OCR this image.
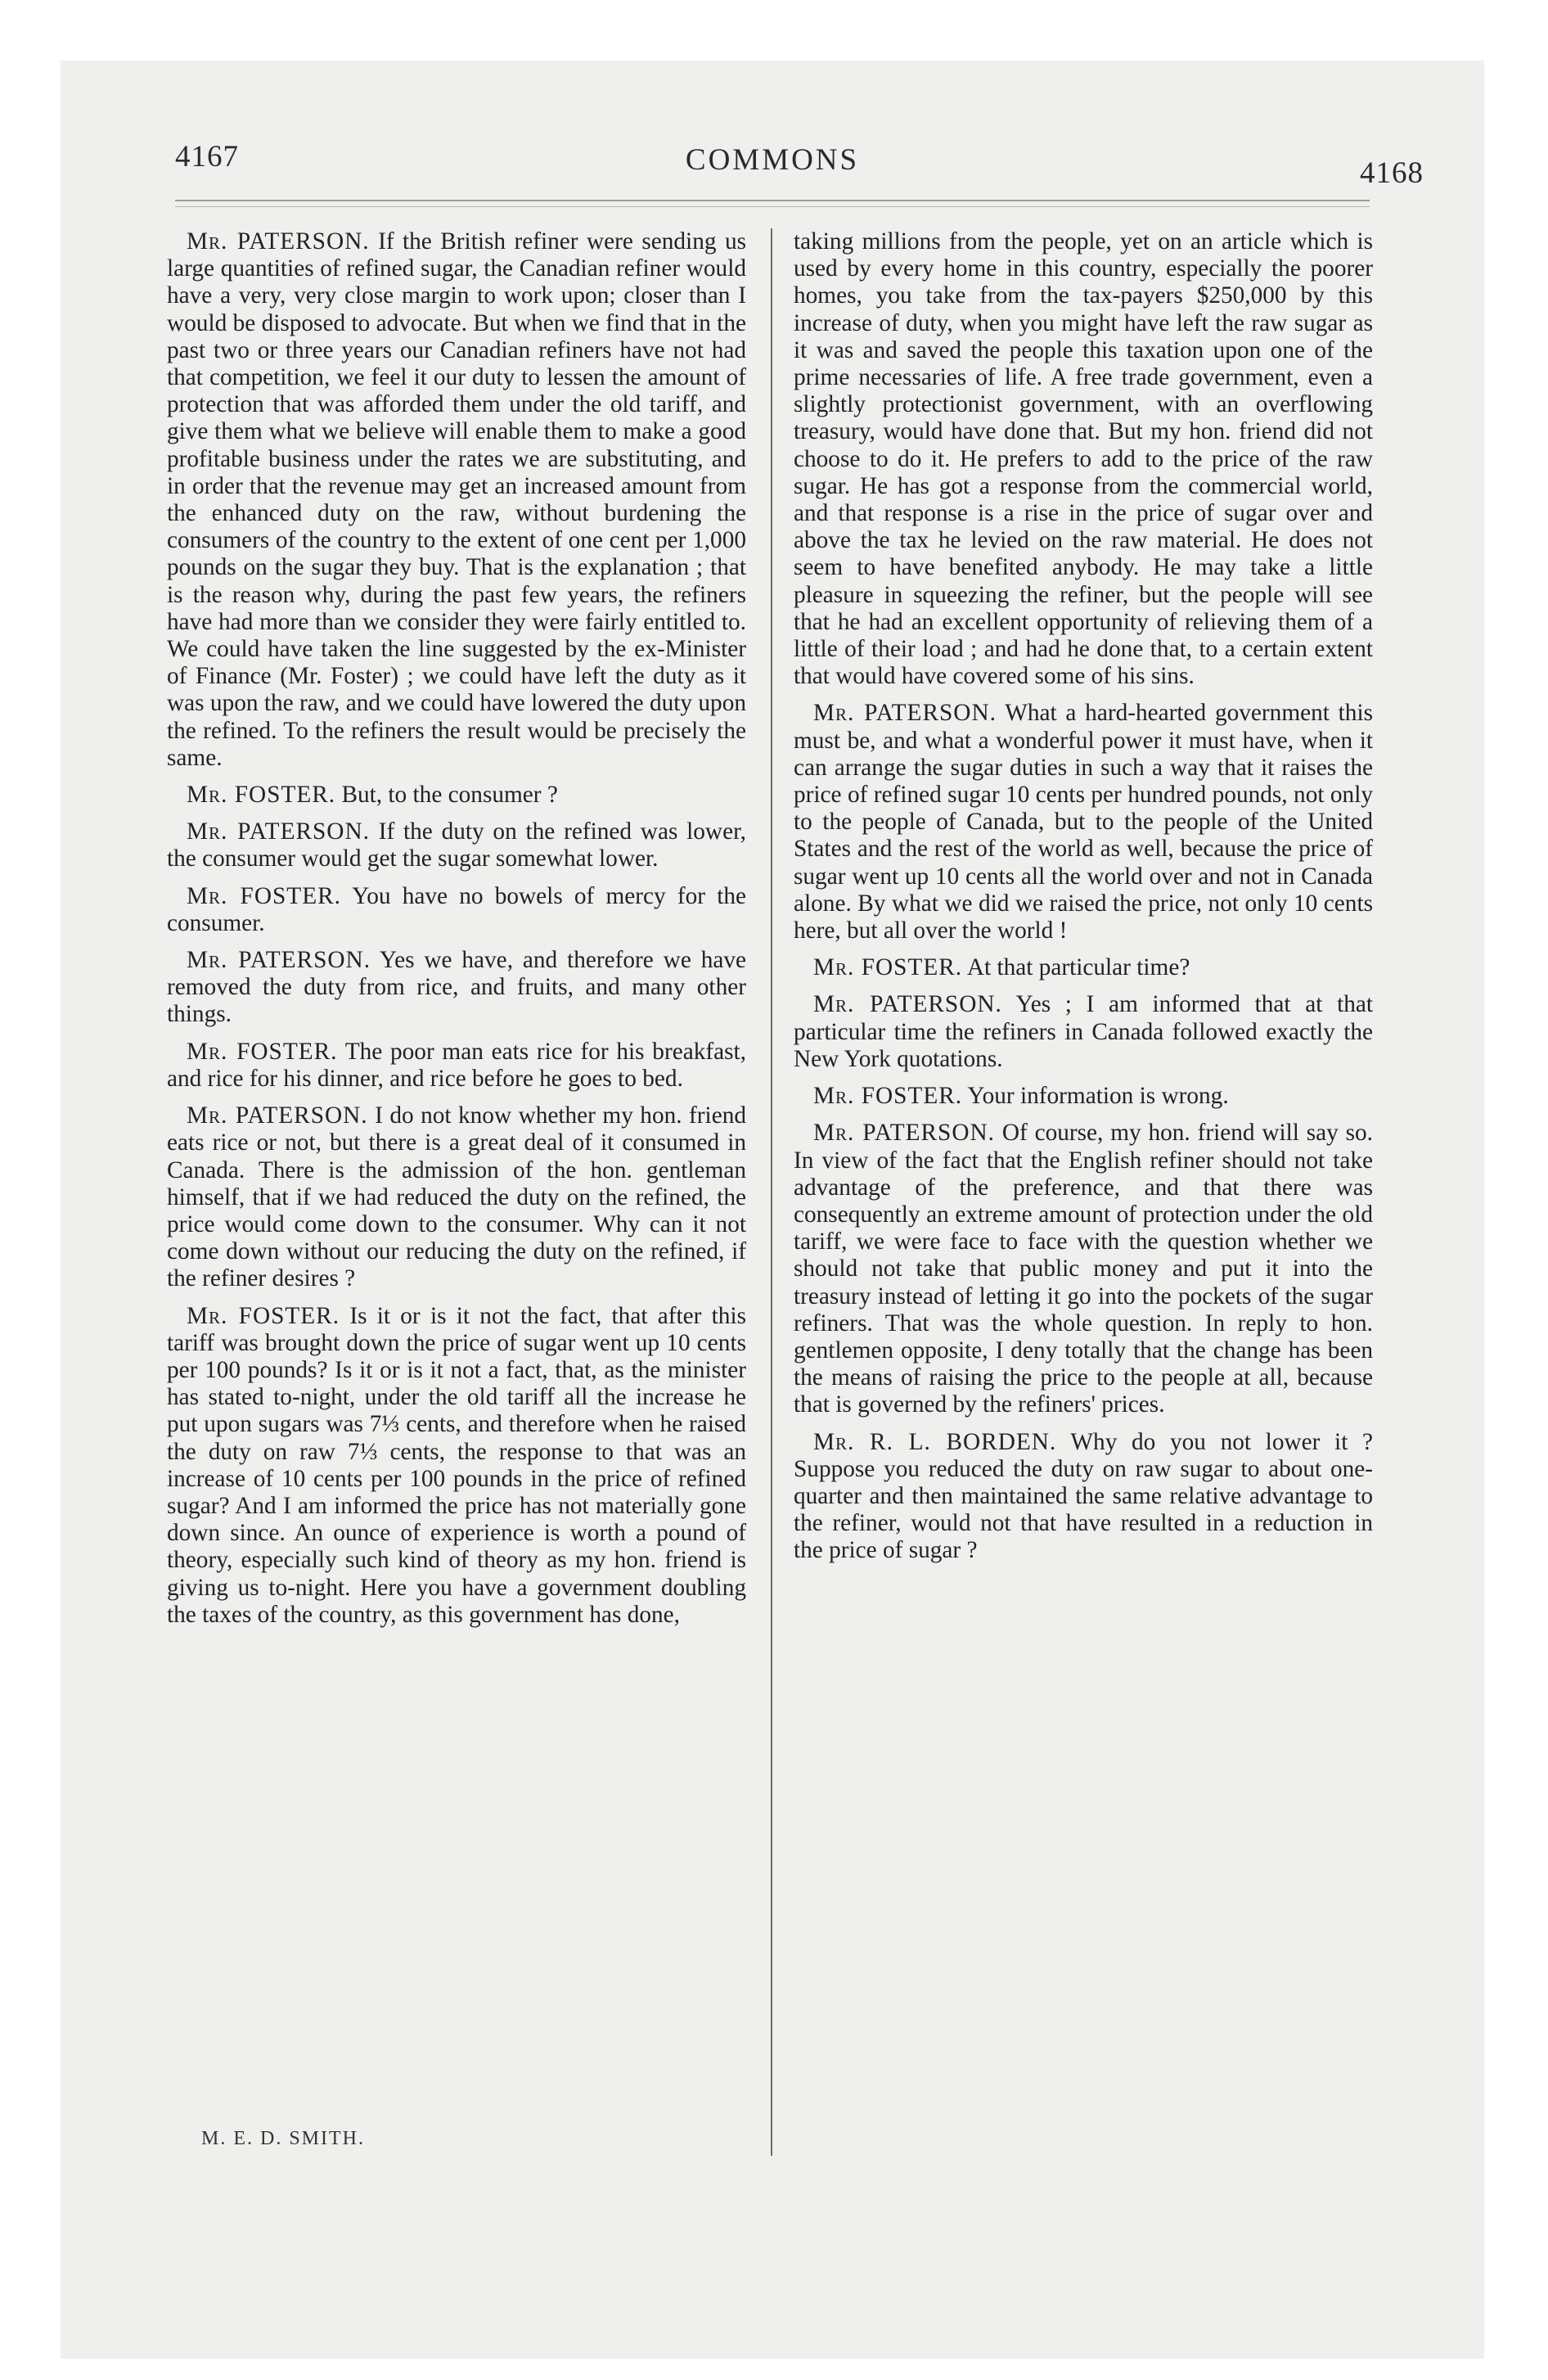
4167	COMMONS	4168

Mr. PATERSON. If the British refiner were sending us large quantities of refined sugar, the Canadian refiner would have a very, very close margin to work upon; closer than I would be disposed to advocate. But when we find that in the past two or three years our Canadian refiners have not had that competition, we feel it our duty to lessen the amount of protection that was afforded them under the old tariff, and give them what we believe will enable them to make a good profitable business under the rates we are substituting, and in order that the revenue may get an increased amount from the enhanced duty on the raw, without burdening the consumers of the country to the extent of one cent per 1,000 pounds on the sugar they buy. That is the explanation ; that is the reason why, during the past few years, the refiners have had more than we consider they were fairly entitled to. We could have taken the line suggested by the ex-Minister of Finance (Mr. Foster) ; we could have left the duty as it was upon the raw, and we could have lowered the duty upon the refined. To the refiners the result would be precisely the same.

Mr. FOSTER. But, to the consumer ?

Mr. PATERSON. If the duty on the refined was lower, the consumer would get the sugar somewhat lower.

Mr. FOSTER. You have no bowels of mercy for the consumer.

Mr. PATERSON. Yes we have, and therefore we have removed the duty from rice, and fruits, and many other things.

Mr. FOSTER. The poor man eats rice for his breakfast, and rice for his dinner, and rice before he goes to bed.

Mr. PATERSON. I do not know whether my hon. friend eats rice or not, but there is a great deal of it consumed in Canada. There is the admission of the hon. gentleman himself, that if we had reduced the duty on the refined, the price would come down to the consumer. Why can it not come down without our reducing the duty on the refined, if the refiner desires ?

Mr. FOSTER. Is it or is it not the fact, that after this tariff was brought down the price of sugar went up 10 cents per 100 pounds? Is it or is it not a fact, that, as the minister has stated to-night, under the old tariff all the increase he put upon sugars was 7⅓ cents, and therefore when he raised the duty on raw 7⅓ cents, the response to that was an increase of 10 cents per 100 pounds in the price of refined sugar? And I am informed the price has not materially gone down since. An ounce of experience is worth a pound of theory, especially such kind of theory as my hon. friend is giving us to-night. Here you have a government doubling the taxes of the country, as this government has done,

taking millions from the people, yet on an article which is used by every home in this country, especially the poorer homes, you take from the tax-payers $250,000 by this increase of duty, when you might have left the raw sugar as it was and saved the people this taxation upon one of the prime necessaries of life. A free trade government, even a slightly protectionist government, with an overflowing treasury, would have done that. But my hon. friend did not choose to do it. He prefers to add to the price of the raw sugar. He has got a response from the commercial world, and that response is a rise in the price of sugar over and above the tax he levied on the raw material. He does not seem to have benefited anybody. He may take a little pleasure in squeezing the refiner, but the people will see that he had an excellent opportunity of relieving them of a little of their load ; and had he done that, to a certain extent that would have covered some of his sins.

Mr. PATERSON. What a hard-hearted government this must be, and what a wonderful power it must have, when it can arrange the sugar duties in such a way that it raises the price of refined sugar 10 cents per hundred pounds, not only to the people of Canada, but to the people of the United States and the rest of the world as well, because the price of sugar went up 10 cents all the world over and not in Canada alone. By what we did we raised the price, not only 10 cents here, but all over the world !

Mr. FOSTER. At that particular time?

Mr. PATERSON. Yes ; I am informed that at that particular time the refiners in Canada followed exactly the New York quotations.

Mr. FOSTER. Your information is wrong.

Mr. PATERSON. Of course, my hon. friend will say so. In view of the fact that the English refiner should not take advantage of the preference, and that there was consequently an extreme amount of protection under the old tariff, we were face to face with the question whether we should not take that public money and put it into the treasury instead of letting it go into the pockets of the sugar refiners. That was the whole question. In reply to hon. gentlemen opposite, I deny totally that the change has been the means of raising the price to the people at all, because that is governed by the refiners' prices.

Mr. R. L. BORDEN. Why do you not lower it ? Suppose you reduced the duty on raw sugar to about one-quarter and then maintained the same relative advantage to the refiner, would not that have resulted in a reduction in the price of sugar ?

M. E. D. SMITH.
